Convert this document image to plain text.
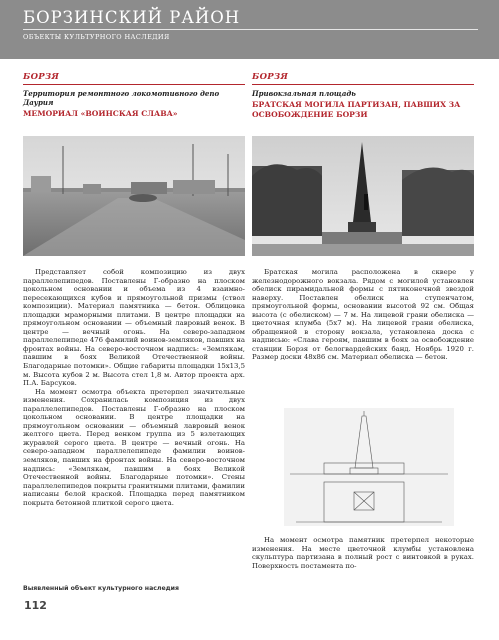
БОРЗИНСКИЙ РАЙОН
ОБЪЕКТЫ КУЛЬТУРНОГО НАСЛЕДИЯ
БОРЗЯ
Территория ремонтного локомотивного депо Даурия
МЕМОРИАЛ «ВОИНСКАЯ СЛАВА»
БОРЗЯ
Привокзальная площадь
БРАТСКАЯ МОГИЛА ПАРТИЗАН, ПАВШИХ ЗА ОСВОБОЖДЕНИЕ БОРЗИ

Представляет собой композицию из двух параллелепипедов. Поставлены Г-образно на плоском цокольном основании и объема из 4 взаимно-пересекающихся кубов и прямоугольной призмы (ствол композиции). Материал памятника — бетон. Облицовка площадки мраморными плитами. В центре площадки на прямоугольном основании — объемный лавровый венок. В центре — вечный огонь. На северо-западном параллелепипеде 476 фамилий воинов-земляков, павших на фронтах войны. На северо-восточном надпись: «Землякам, павшим в боях Великой Отечественной войны. Благодарные потомки». Общие габариты площадки 15х13,5 м. Высота кубов 2 м. Высота стел 1,8 м. Автор проекта арх. П.А. Барсуков.

На момент осмотра объекта претерпел значительные изменения. Сохранилась композиция из двух параллелепипедов. Поставлены Г-образно на плоском цокольном основании. В центре площадки на прямоугольном основании — объемный лавровый венок желтого цвета. Перед венком группа из 5 взлетающих журавлей серого цвета. В центре — вечный огонь. На северо-западном параллелепипеде фамилии воинов-земляков, павших на фронтах войны. На северо-восточном надпись: «Землякам, павшим в боях Великой Отечественной войны. Благодарные потомки». Стены параллелепипедов покрыты гранитными плитами, фамилии написаны белой краской. Площадка перед памятником покрыта бетонной плиткой серого цвета.

Братская могила расположена в сквере у железнодорожного вокзала. Рядом с могилой установлен обелиск пирамидальной формы с пятиконечной звездой наверху. Поставлен обелиск на ступенчатом, прямоугольной формы, основании высотой 92 см. Общая высота (с обелиском) — 7 м. На лицевой грани обелиска — цветочная клумба (5х7 м). На лицевой грани обелиска, обращенной в сторону вокзала, установлена доска с надписью: «Слава героям, павшим в боях за освобождение станции Борзя от белогвардейских банд. Ноябрь 1920 г. Размер доски 48х86 см. Материал обелиска — бетон.

На момент осмотра памятник претерпел некоторые изменения. На месте цветочной клумбы установлена скульптура партизана в полный рост с винтовкой в руках. Поверхность постамента по-

Выявленный объект культурного наследия
112
